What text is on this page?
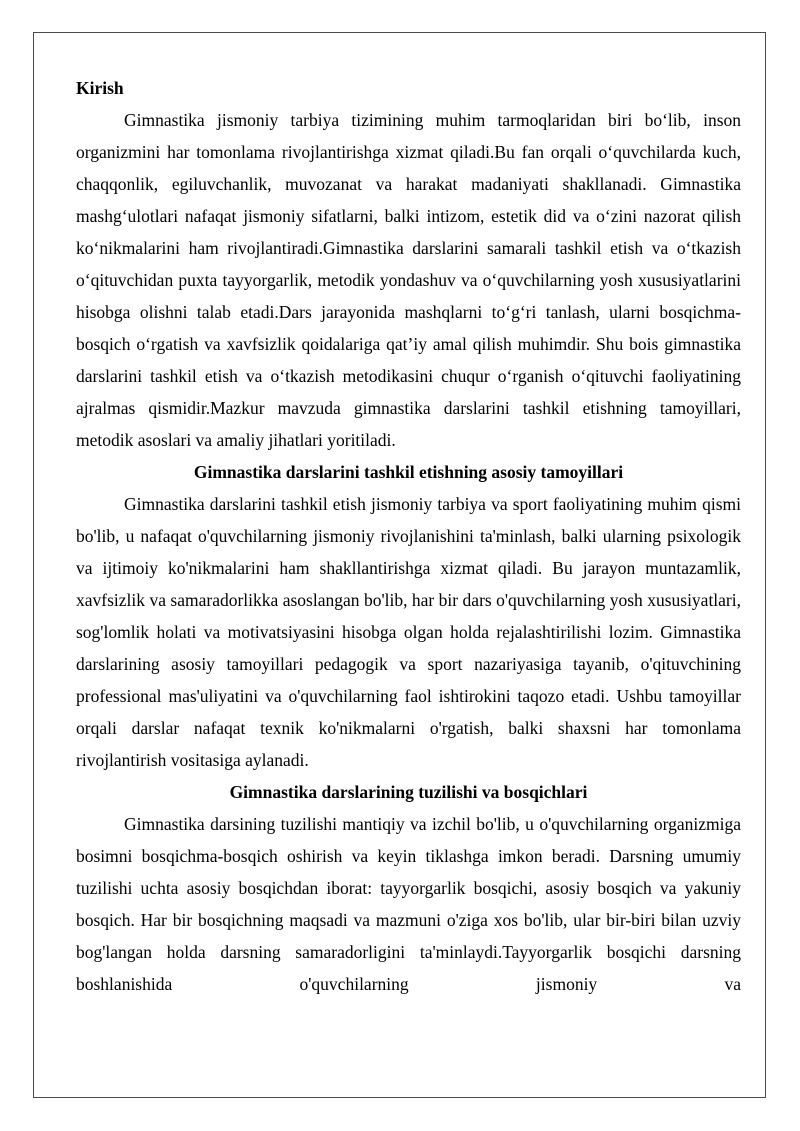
Kirish

Gimnastika jismoniy tarbiya tizimining muhim tarmoqlaridan biri bo‘lib, inson organizmini har tomonlama rivojlantirishga xizmat qiladi.Bu fan orqali o‘quvchilarda kuch, chaqqonlik, egiluvchanlik, muvozanat va harakat madaniyati shakllanadi. Gimnastika mashg‘ulotlari nafaqat jismoniy sifatlarni, balki intizom, estetik did va o‘zini nazorat qilish ko‘nikmalarini ham rivojlantiradi.Gimnastika darslarini samarali tashkil etish va o‘tkazish o‘qituvchidan puxta tayyorgarlik, metodik yondashuv va o‘quvchilarning yosh xususiyatlarini hisobga olishni talab etadi.Dars jarayonida mashqlarni to‘g‘ri tanlash, ularni bosqichma-bosqich o‘rgatish va xavfsizlik qoidalariga qat’iy amal qilish muhimdir. Shu bois gimnastika darslarini tashkil etish va o‘tkazish metodikasini chuqur o‘rganish o‘qituvchi faoliyatining ajralmas qismidir.Mazkur mavzuda gimnastika darslarini tashkil etishning tamoyillari, metodik asoslari va amaliy jihatlari yoritiladi.

Gimnastika darslarini tashkil etishning asosiy tamoyillari

Gimnastika darslarini tashkil etish jismoniy tarbiya va sport faoliyatining muhim qismi bo'lib, u nafaqat o'quvchilarning jismoniy rivojlanishini ta'minlash, balki ularning psixologik va ijtimoiy ko'nikmalarini ham shakllantirishga xizmat qiladi. Bu jarayon muntazamlik, xavfsizlik va samaradorlikka asoslangan bo'lib, har bir dars o'quvchilarning yosh xususiyatlari, sog'lomlik holati va motivatsiyasini hisobga olgan holda rejalashtirilishi lozim. Gimnastika darslarining asosiy tamoyillari pedagogik va sport nazariyasiga tayanib, o'qituvchining professional mas'uliyatini va o'quvchilarning faol ishtirokini taqozo etadi. Ushbu tamoyillar orqali darslar nafaqat texnik ko'nikmalarni o'rgatish, balki shaxsni har tomonlama rivojlantirish vositasiga aylanadi.

Gimnastika darslarining tuzilishi va bosqichlari

Gimnastika darsining tuzilishi mantiqiy va izchil bo'lib, u o'quvchilarning organizmiga bosimni bosqichma-bosqich oshirish va keyin tiklashga imkon beradi. Darsning umumiy tuzilishi uchta asosiy bosqichdan iborat: tayyorgarlik bosqichi, asosiy bosqich va yakuniy bosqich. Har bir bosqichning maqsadi va mazmuni o'ziga xos bo'lib, ular bir-biri bilan uzviy bog'langan holda darsning samaradorligini ta'minlaydi.Tayyorgarlik bosqichi darsning boshlanishida o'quvchilarning jismoniy va
